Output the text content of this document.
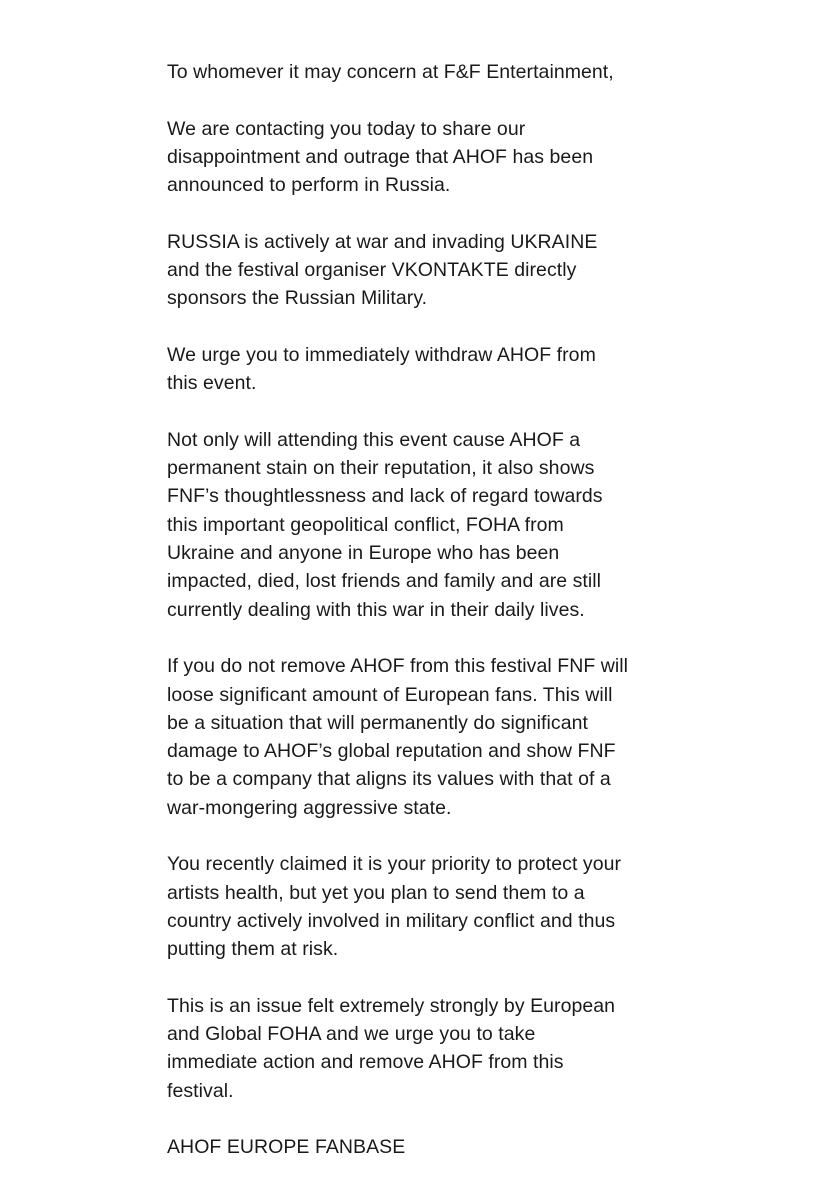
To whomever it may concern at F&F Entertainment,

We are contacting you today to share our
disappointment and outrage that AHOF has been
announced to perform in Russia.

RUSSIA is actively at war and invading UKRAINE
and the festival organiser VKONTAKTE directly
sponsors the Russian Military.

We urge you to immediately withdraw AHOF from
this event.

Not only will attending this event cause AHOF a
permanent stain on their reputation, it also shows
FNF’s thoughtlessness and lack of regard towards
this important geopolitical conflict, FOHA from
Ukraine and anyone in Europe who has been
impacted, died, lost friends and family and are still
currently dealing with this war in their daily lives.

If you do not remove AHOF from this festival FNF will
loose significant amount of European fans. This will
be a situation that will permanently do significant
damage to AHOF’s global reputation and show FNF
to be a company that aligns its values with that of a
war-mongering aggressive state.

You recently claimed it is your priority to protect your
artists health, but yet you plan to send them to a
country actively involved in military conflict and thus
putting them at risk.

This is an issue felt extremely strongly by European
and Global FOHA and we urge you to take
immediate action and remove AHOF from this
festival.

AHOF EUROPE FANBASE
